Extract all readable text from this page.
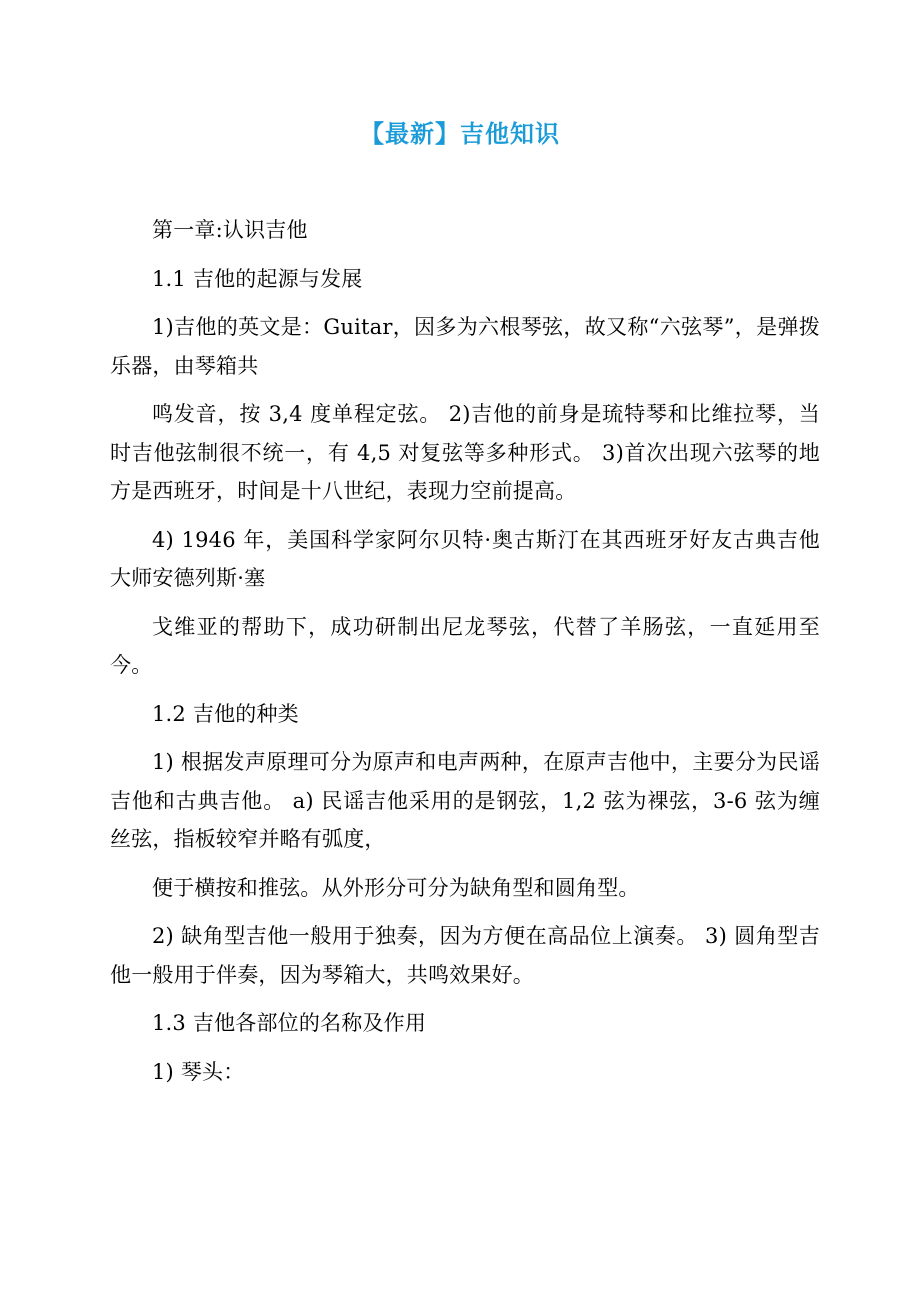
【最新】吉他知识

第一章:认识吉他

1.1 吉他的起源与发展

1)吉他的英文是：Guitar，因多为六根琴弦，故又称“六弦琴”，是弹拨乐器，由琴箱共

鸣发音，按 3,4 度单程定弦。 2)吉他的前身是琉特琴和比维拉琴，当时吉他弦制很不统一，有 4,5 对复弦等多种形式。 3)首次出现六弦琴的地方是西班牙，时间是十八世纪，表现力空前提高。

4) 1946 年，美国科学家阿尔贝特·奥古斯汀在其西班牙好友古典吉他大师安德列斯·塞

戈维亚的帮助下，成功研制出尼龙琴弦，代替了羊肠弦，一直延用至今。

1.2 吉他的种类

1) 根据发声原理可分为原声和电声两种，在原声吉他中，主要分为民谣吉他和古典吉他。 a) 民谣吉他采用的是钢弦，1,2 弦为裸弦，3-6 弦为缠丝弦，指板较窄并略有弧度，

便于横按和推弦。从外形分可分为缺角型和圆角型。

2) 缺角型吉他一般用于独奏，因为方便在高品位上演奏。 3) 圆角型吉他一般用于伴奏，因为琴箱大，共鸣效果好。

1.3 吉他各部位的名称及作用

1) 琴头：
